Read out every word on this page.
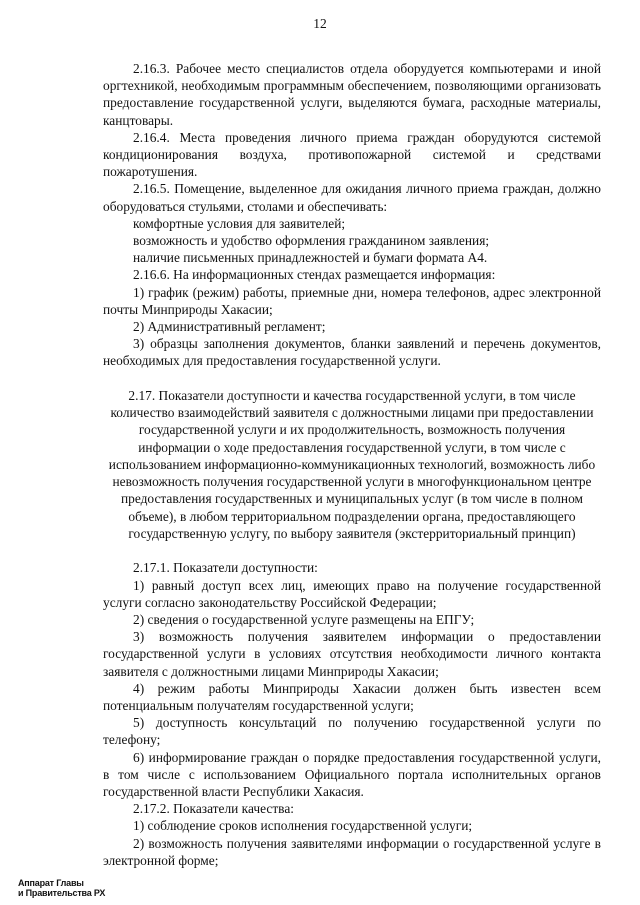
12

2.16.3. Рабочее место специалистов отдела оборудуется компьютерами и иной оргтехникой, необходимым программным обеспечением, позволяющими организовать предоставление государственной услуги, выделяются бумага, расходные материалы, канцтовары.

2.16.4. Места проведения личного приема граждан оборудуются системой кондиционирования воздуха, противопожарной системой и средствами пожаротушения.

2.16.5. Помещение, выделенное для ожидания личного приема граждан, должно оборудоваться стульями, столами и обеспечивать:

комфортные условия для заявителей;

возможность и удобство оформления гражданином заявления;

наличие письменных принадлежностей и бумаги формата А4.

2.16.6. На информационных стендах размещается информация:

1) график (режим) работы, приемные дни, номера телефонов, адрес электронной почты Минприроды Хакасии;

2) Административный регламент;

3) образцы заполнения документов, бланки заявлений и перечень документов, необходимых для предоставления государственной услуги.

2.17. Показатели доступности и качества государственной услуги, в том числе количество взаимодействий заявителя с должностными лицами при предоставлении государственной услуги и их продолжительность, возможность получения информации о ходе предоставления государственной услуги, в том числе с использованием информационно-коммуникационных технологий, возможность либо невозможность получения государственной услуги в многофункциональном центре предоставления государственных и муниципальных услуг (в том числе в полном объеме), в любом территориальном подразделении органа, предоставляющего государственную услугу, по выбору заявителя (экстерриториальный принцип)

2.17.1. Показатели доступности:

1) равный доступ всех лиц, имеющих право на получение государственной услуги согласно законодательству Российской Федерации;

2) сведения о государственной услуге размещены на ЕПГУ;

3) возможность получения заявителем информации о предоставлении государственной услуги в условиях отсутствия необходимости личного контакта заявителя с должностными лицами Минприроды Хакасии;

4) режим работы Минприроды Хакасии должен быть известен всем потенциальным получателям государственной услуги;

5) доступность консультаций по получению государственной услуги по телефону;

6) информирование граждан о порядке предоставления государственной услуги, в том числе с использованием Официального портала исполнительных органов государственной власти Республики Хакасия.

2.17.2. Показатели качества:

1) соблюдение сроков исполнения государственной услуги;

2) возможность получения заявителями информации о государственной услуге в электронной форме;

Аппарат Главы
и Правительства РХ
